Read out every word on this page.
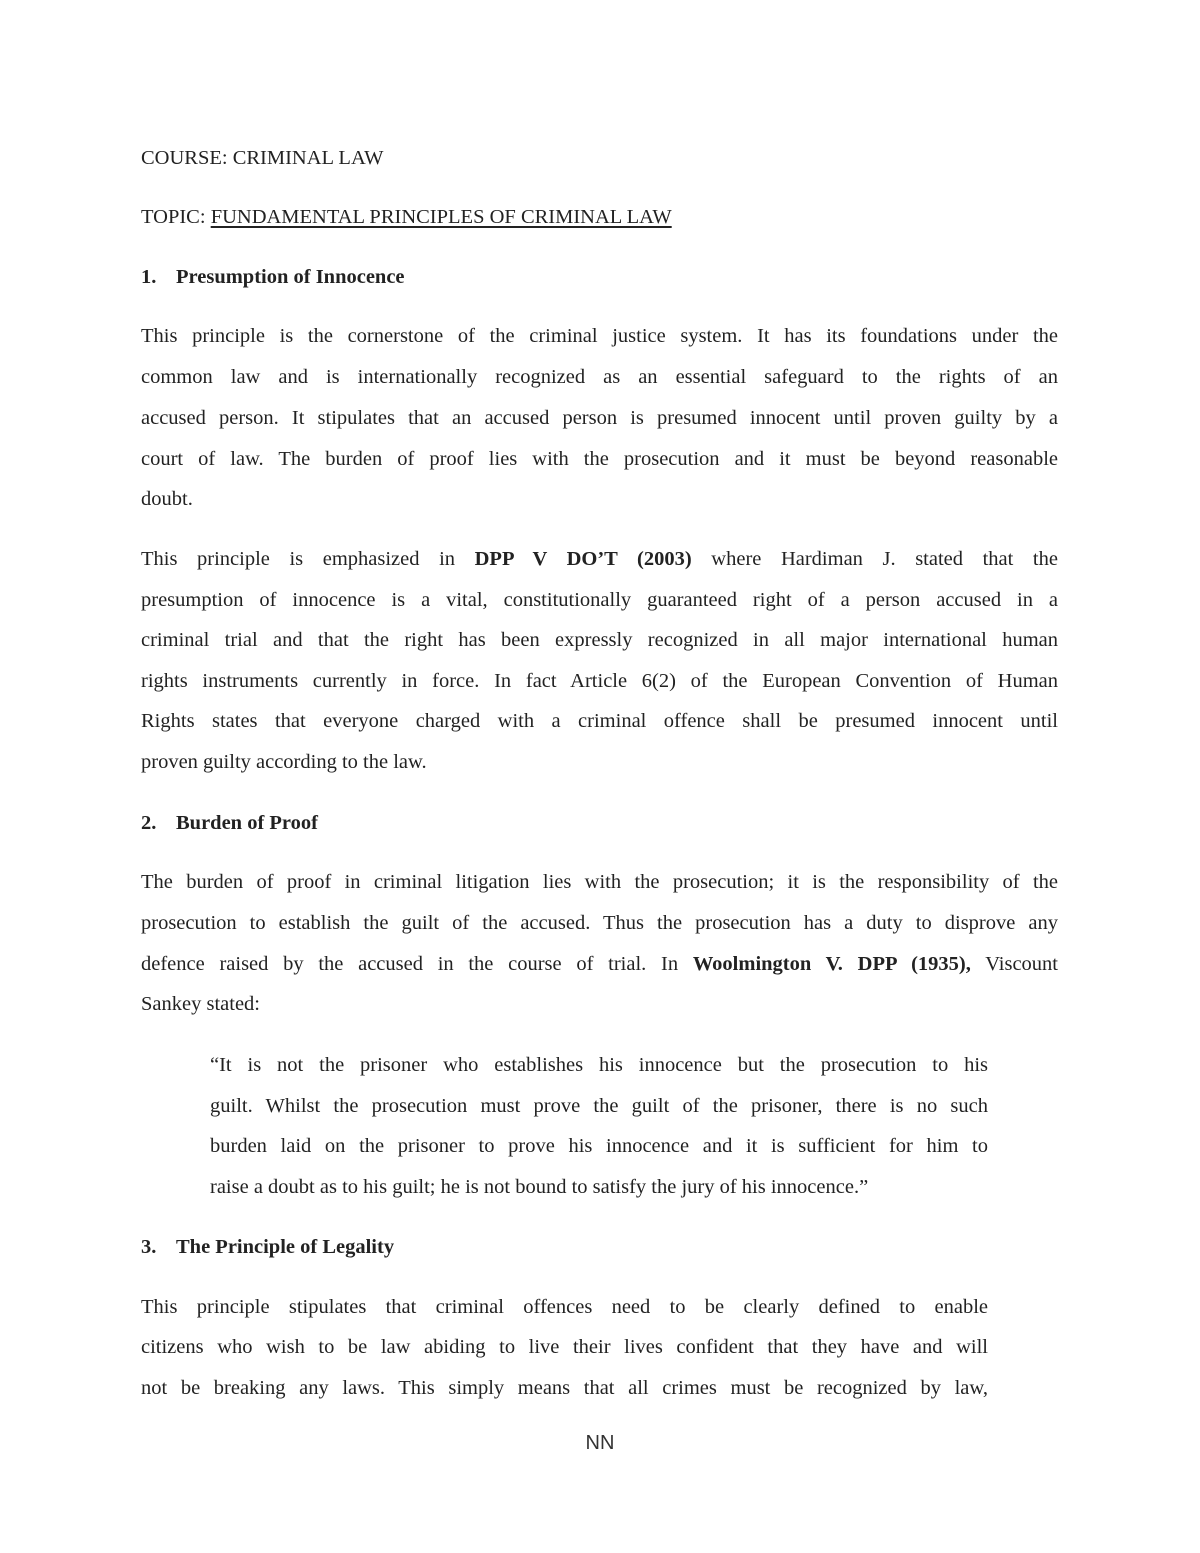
COURSE: CRIMINAL LAW
TOPIC: FUNDAMENTAL PRINCIPLES OF CRIMINAL LAW
1. Presumption of Innocence
This principle is the cornerstone of the criminal justice system. It has its foundations under the
common law and is internationally recognized as an essential safeguard to the rights of an
accused person. It stipulates that an accused person is presumed innocent until proven guilty by a
court of law. The burden of proof lies with the prosecution and it must be beyond reasonable
doubt.
This principle is emphasized in DPP V DO’T (2003) where Hardiman J. stated that the
presumption of innocence is a vital, constitutionally guaranteed right of a person accused in a
criminal trial and that the right has been expressly recognized in all major international human
rights instruments currently in force. In fact Article 6(2) of the European Convention of Human
Rights states that everyone charged with a criminal offence shall be presumed innocent until
proven guilty according to the law.
2. Burden of Proof
The burden of proof in criminal litigation lies with the prosecution; it is the responsibility of the
prosecution to establish the guilt of the accused. Thus the prosecution has a duty to disprove any
defence raised by the accused in the course of trial. In Woolmington V. DPP (1935), Viscount
Sankey stated:
“It is not the prisoner who establishes his innocence but the prosecution to his
guilt. Whilst the prosecution must prove the guilt of the prisoner, there is no such
burden laid on the prisoner to prove his innocence and it is sufficient for him to
raise a doubt as to his guilt; he is not bound to satisfy the jury of his innocence.”
3. The Principle of Legality
This principle stipulates that criminal offences need to be clearly defined to enable
citizens who wish to be law abiding to live their lives confident that they have and will
not be breaking any laws. This simply means that all crimes must be recognized by law,
NN
